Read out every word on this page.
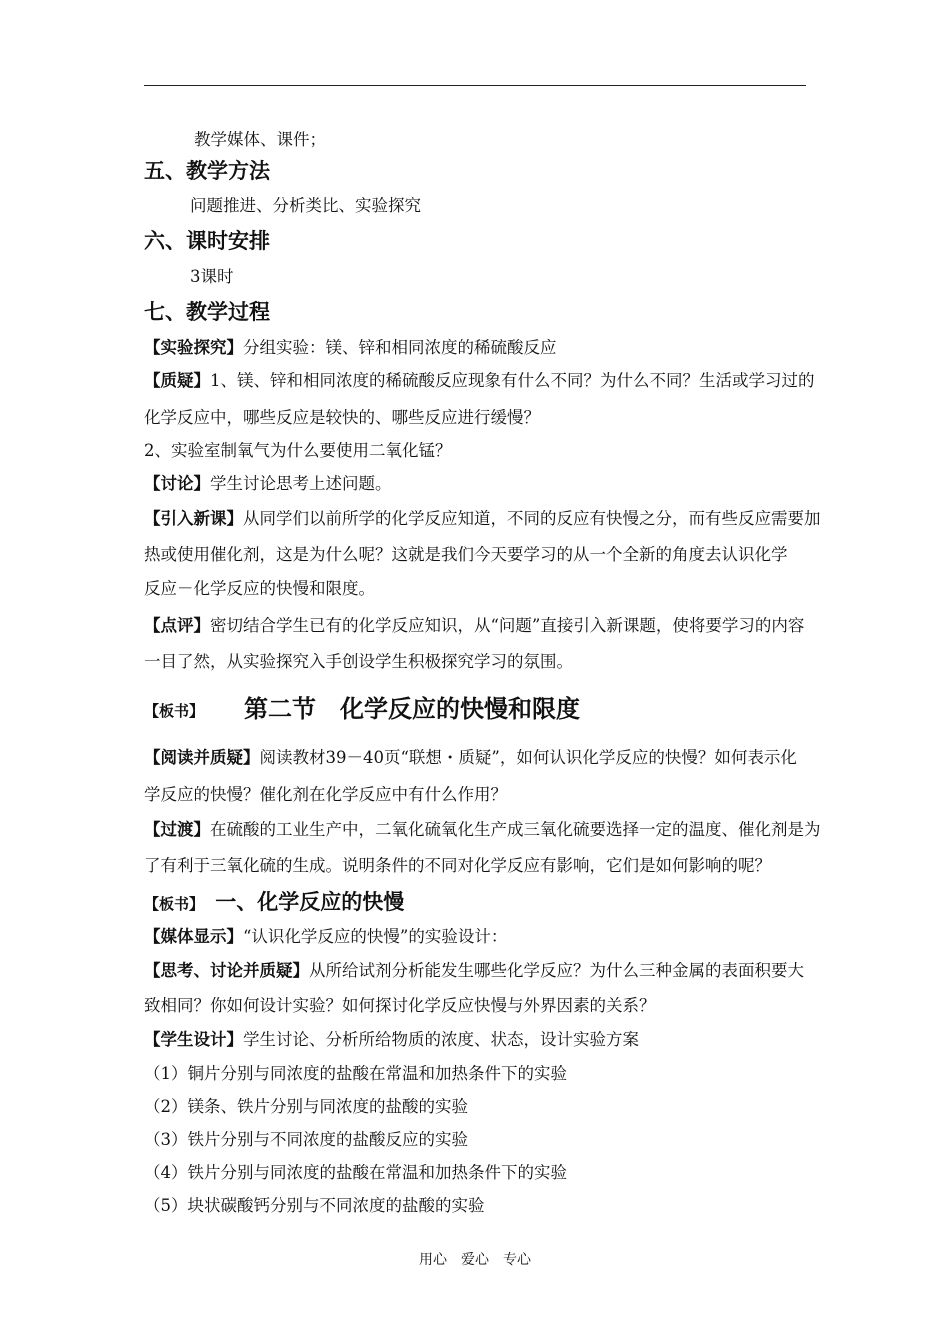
教学媒体、课件；
五、教学方法
问题推进、分析类比、实验探究
六、课时安排
3课时
七、教学过程
【实验探究】分组实验：镁、锌和相同浓度的稀硫酸反应
【质疑】1、镁、锌和相同浓度的稀硫酸反应现象有什么不同？为什么不同？生活或学习过的
化学反应中，哪些反应是较快的、哪些反应进行缓慢？
2、实验室制氧气为什么要使用二氧化锰？
【讨论】学生讨论思考上述问题。
【引入新课】从同学们以前所学的化学反应知道，不同的反应有快慢之分，而有些反应需要加
热或使用催化剂，这是为什么呢？这就是我们今天要学习的从一个全新的角度去认识化学
反应－化学反应的快慢和限度。
【点评】密切结合学生已有的化学反应知识，从“问题”直接引入新课题，使将要学习的内容
一目了然，从实验探究入手创设学生积极探究学习的氛围。
【板书】 第二节　化学反应的快慢和限度
【阅读并质疑】阅读教材39－40页“联想・质疑”，如何认识化学反应的快慢？如何表示化
学反应的快慢？催化剂在化学反应中有什么作用？
【过渡】在硫酸的工业生产中，二氧化硫氧化生产成三氧化硫要选择一定的温度、催化剂是为
了有利于三氧化硫的生成。说明条件的不同对化学反应有影响，它们是如何影响的呢？
【板书】 一、化学反应的快慢
【媒体显示】“认识化学反应的快慢”的实验设计：
【思考、讨论并质疑】从所给试剂分析能发生哪些化学反应？为什么三种金属的表面积要大
致相同？你如何设计实验？如何探讨化学反应快慢与外界因素的关系？
【学生设计】学生讨论、分析所给物质的浓度、状态，设计实验方案
（1）铜片分别与同浓度的盐酸在常温和加热条件下的实验
（2）镁条、铁片分别与同浓度的盐酸的实验
（3）铁片分别与不同浓度的盐酸反应的实验
（4）铁片分别与同浓度的盐酸在常温和加热条件下的实验
（5）块状碳酸钙分别与不同浓度的盐酸的实验
用心　爱心　专心
